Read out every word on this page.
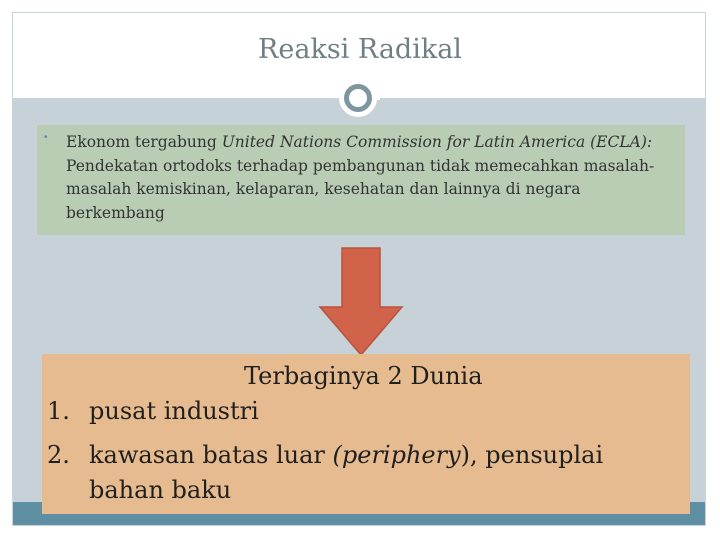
Reaksi Radikal
• Ekonom tergabung United Nations Commission for Latin America (ECLA): Pendekatan ortodoks terhadap pembangunan tidak memecahkan masalah-masalah kemiskinan, kelaparan, kesehatan dan lainnya di negara berkembang
Terbaginya 2 Dunia
1. pusat industri
2. kawasan batas luar (periphery), pensuplai
bahan baku
